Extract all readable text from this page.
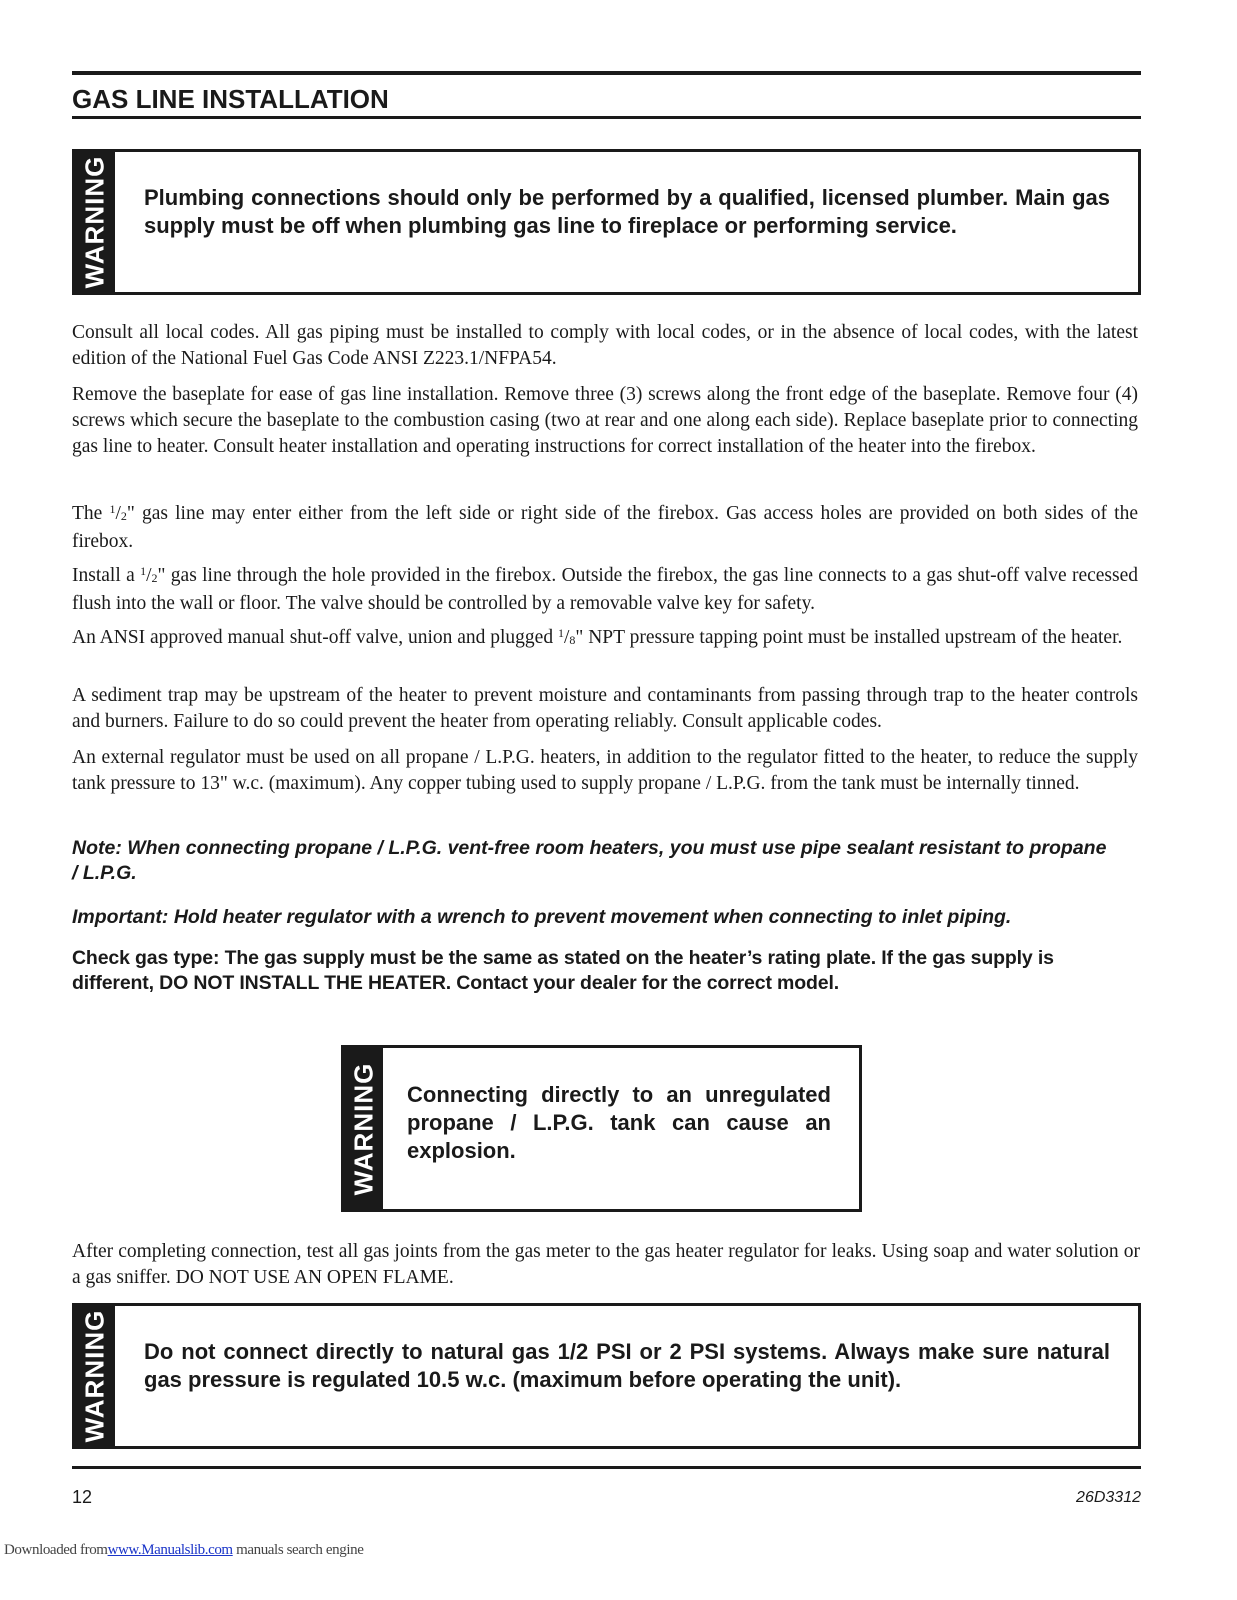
GAS LINE INSTALLATION
WARNING Plumbing connections should only be performed by a qualified, licensed plumber. Main gas supply must be off when plumbing gas line to fireplace or performing service.

Consult all local codes. All gas piping must be installed to comply with local codes, or in the absence of local codes, with the latest edition of the National Fuel Gas Code ANSI Z223.1/NFPA54.

Remove the baseplate for ease of gas line installation. Remove three (3) screws along the front edge of the baseplate. Remove four (4) screws which secure the baseplate to the combustion casing (two at rear and one along each side). Replace baseplate prior to connecting gas line to heater. Consult heater installation and operating instructions for correct installation of the heater into the firebox.

The $^1/_2$" gas line may enter either from the left side or right side of the firebox. Gas access holes are provided on both sides of the firebox.

Install a $^1/_2$" gas line through the hole provided in the firebox. Outside the firebox, the gas line connects to a gas shut-off valve recessed flush into the wall or floor. The valve should be controlled by a removable valve key for safety.

An ANSI approved manual shut-off valve, union and plugged $^1/_8$" NPT pressure tapping point must be installed upstream of the heater.

A sediment trap may be upstream of the heater to prevent moisture and contaminants from passing through trap to the heater controls and burners. Failure to do so could prevent the heater from operating reliably. Consult applicable codes.

An external regulator must be used on all propane / L.P.G. heaters, in addition to the regulator fitted to the heater, to reduce the supply tank pressure to 13" w.c. (maximum). Any copper tubing used to supply propane / L.P.G. from the tank must be internally tinned.

Note: When connecting propane / L.P.G. vent-free room heaters, you must use pipe sealant resistant to propane / L.P.G.

Important: Hold heater regulator with a wrench to prevent movement when connecting to inlet piping.

Check gas type: The gas supply must be the same as stated on the heater’s rating plate. If the gas supply is different, DO NOT INSTALL THE HEATER. Contact your dealer for the correct model.

WARNING Connecting directly to an unregulated propane / L.P.G. tank can cause an explosion.

After completing connection, test all gas joints from the gas meter to the gas heater regulator for leaks. Using soap and water solution or a gas sniffer. DO NOT USE AN OPEN FLAME.

WARNING Do not connect directly to natural gas 1/2 PSI or 2 PSI systems. Always make sure natural gas pressure is regulated 10.5 w.c. (maximum before operating the unit).
12	26D3312
Downloaded fromwww.Manualslib.com manuals search engine
